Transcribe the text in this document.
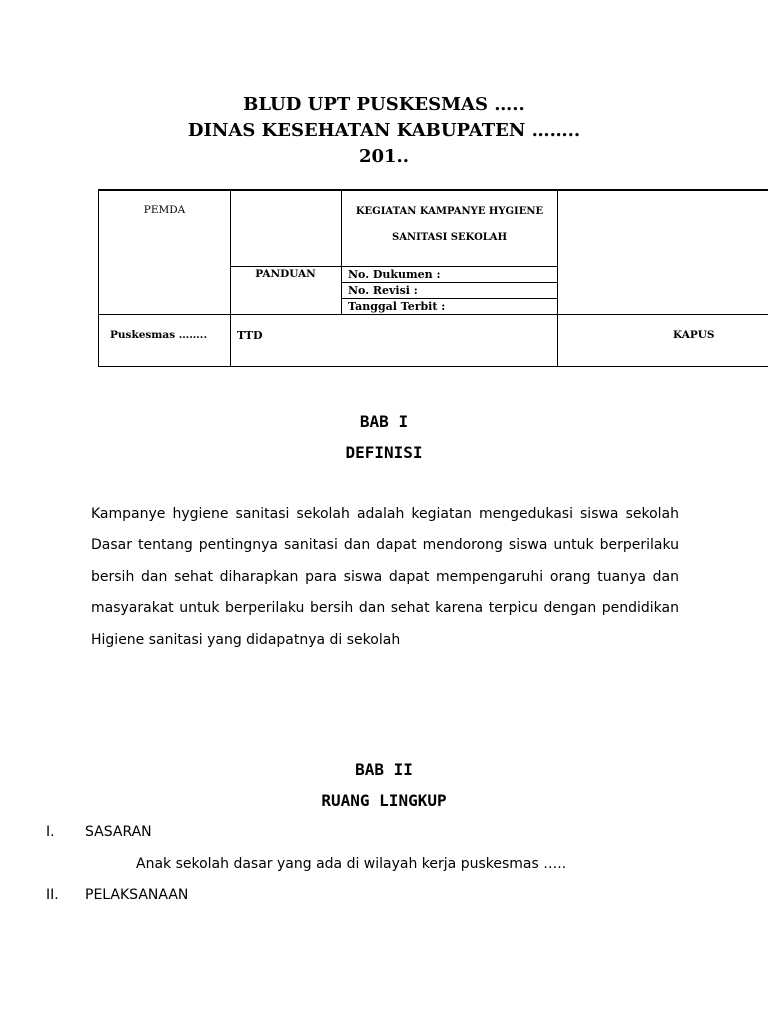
BLUD UPT PUSKESMAS …..
DINAS KESEHATAN KABUPATEN ……..
201..
PEMDA	KEGIATAN KAMPANYE HYGIENE
SANITASI SEKOLAH
PANDUAN	No. Dukumen :
No. Revisi :
Tanggal Terbit :
Puskesmas ……..	TTD	KAPUS
BAB I
DEFINISI
Kampanye hygiene sanitasi sekolah adalah kegiatan mengedukasi siswa sekolah Dasar tentang pentingnya sanitasi dan dapat mendorong siswa untuk berperilaku bersih dan sehat diharapkan para siswa dapat mempengaruhi orang tuanya dan masyarakat untuk berperilaku bersih dan sehat karena terpicu dengan pendidikan Higiene sanitasi yang didapatnya di sekolah
BAB II
RUANG LINGKUP
I. SASARAN
Anak sekolah dasar yang ada di wilayah kerja puskesmas …..
II. PELAKSANAAN
